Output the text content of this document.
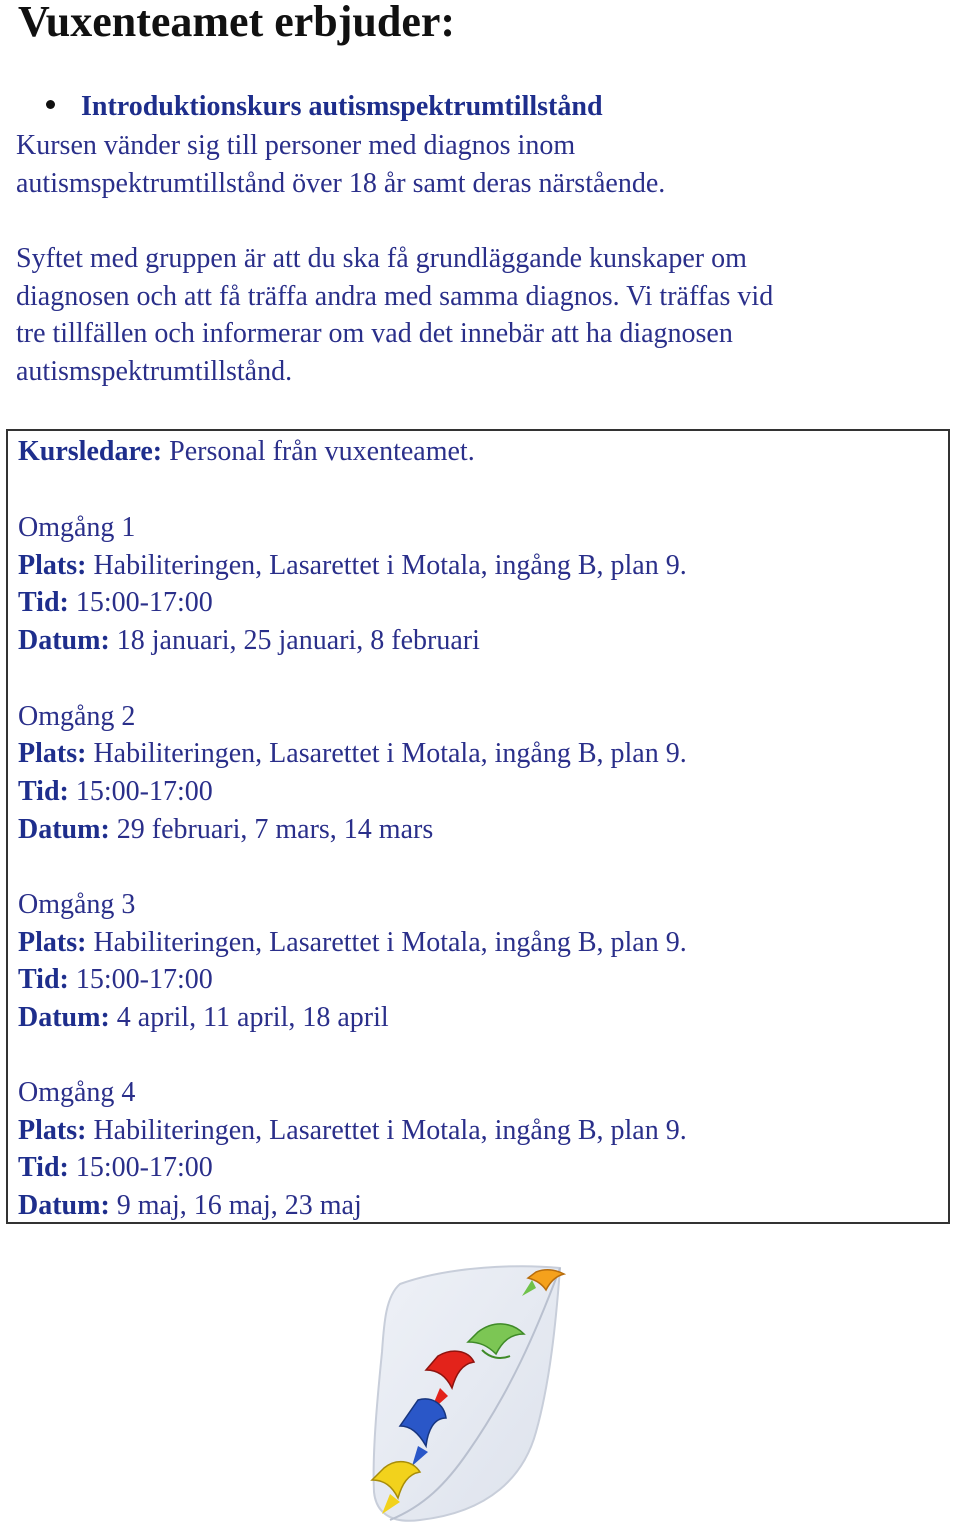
Vuxenteamet erbjuder:
Introduktionskurs autismspektrumtillstånd
Kursen vänder sig till personer med diagnos inom
autismspektrumtillstånd över 18 år samt deras närstående.
Syftet med gruppen är att du ska få grundläggande kunskaper om
diagnosen och att få träffa andra med samma diagnos. Vi träffas vid
tre tillfällen och informerar om vad det innebär att ha diagnosen
autismspektrumtillstånd.
Kursledare: Personal från vuxenteamet.
Omgång 1
Plats: Habiliteringen, Lasarettet i Motala, ingång B, plan 9.
Tid: 15:00-17:00
Datum: 18 januari, 25 januari, 8 februari
Omgång 2
Plats: Habiliteringen, Lasarettet i Motala, ingång B, plan 9.
Tid: 15:00-17:00
Datum: 29 februari, 7 mars, 14 mars
Omgång 3
Plats: Habiliteringen, Lasarettet i Motala, ingång B, plan 9.
Tid: 15:00-17:00
Datum: 4 april, 11 april, 18 april
Omgång 4
Plats: Habiliteringen, Lasarettet i Motala, ingång B, plan 9.
Tid: 15:00-17:00
Datum: 9 maj, 16 maj, 23 maj
